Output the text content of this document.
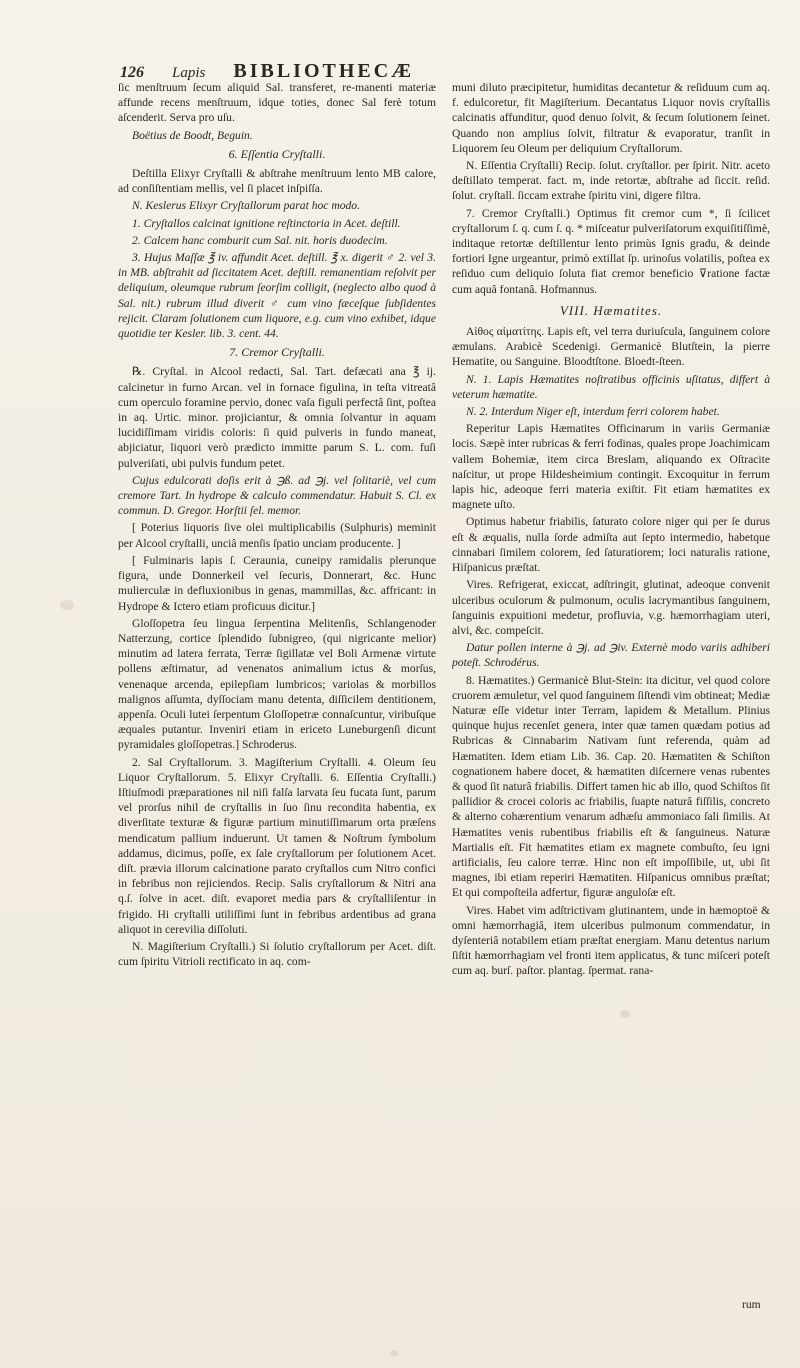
126 Lapis BIBLIOTHECÆ

ſic menſtruum ſecum aliquid Sal. transferet, re-manenti materiæ affunde recens menſtruum, idque toties, donec Sal ferè totum aſcenderit. Serva pro uſu.

Boëtius de Boodt, Beguin.

6. Eſſentia Cryſtalli.

Deſtilla Elixyr Cryſtalli & abſtrahe menſtruum lento MB calore, ad conſiſtentiam mellis, vel ſi placet inſpiſſa.

N. Keslerus Elixyr Cryſtallorum parat hoc modo.

1. Cryſtallos calcinat ignitione reſtinctoria in Acet. deſtill.

2. Calcem hanc comburit cum Sal. nit. horis duodecim.

3. Hujus Maſſæ ℥ iv. affundit Acet. deſtill. ℥ x. digerit ♂ 2. vel 3. in MB. abſtrahit ad ſiccitatem Acet. deſtill. remanentiam reſolvit per deliquium, oleumque rubrum ſeorſim colligit, (neglecto albo quod à Sal. nit.) rubrum illud diverit ♂ cum vino fæceſque ſubſidentes rejicit. Claram ſolutionem cum liquore, e.g. cum vino exhibet, idque quotidie ter Kesler. lib. 3. cent. 44.

7. Cremor Cryſtalli.

℞. Cryſtal. in Alcool redacti, Sal. Tart. defæcati ana ℥ ij. calcinetur in furno Arcan. vel in fornace figulina, in teſta vitreatâ cum operculo foramine pervio, donec vaſa figuli perfectâ ſint, poſtea in aq. Urtic. minor. projiciantur, & omnia ſolvantur in aquam lucidiſſimam viridis coloris: ſi quid pulveris in fundo maneat, abjiciatur, liquori verò prædicto immitte parum S. L. com. fuſi pulveriſati, ubi pulvis fundum petet.

Cujus edulcorati doſis erit à ℈ß. ad ℈j. vel ſolitariè, vel cum cremore Tart. In hydrope & calculo commendatur. Habuit S. Cl. ex commun. D. Gregor. Horſtii ſel. memor.

[ Poterius liquoris ſive olei multiplicabilis (Sulphuris) meminit per Alcool cryſtalli, unciâ menſis ſpatio unciam producente. ]

[ Fulminaris lapis ſ. Ceraunia, cuneipy ramidalis plerunque figura, unde Donnerkeil vel ſecuris, Donnerart, &c. Hunc mulierculæ in defluxionibus in genas, mammillas, &c. affricant: in Hydrope & Ictero etiam proficuus dicitur.]

Gloſſopetra ſeu lingua ſerpentina Melitenſis, Schlangenoder Natterzung, cortice ſplendido ſubnigreo, (qui nigricante melior) minutim ad latera ferrata, Terræ ſigillatæ vel Boli Armenæ virtute pollens æſtimatur, ad venenatos animalium ictus & morſus, venenaque arcenda, epilepſiam lumbricos; variolas & morbillos malignos aſſumta, dyſſociam manu detenta, diſſicilem dentitionem, appenſa. Oculi lutei ſerpentum Gloſſopetræ connaſcuntur, viribuſque æquales putantur. Inveniri etiam in ericeto Luneburgenſi dicunt pyramidales gloſſopetras.] Schroderus.

2. Sal Cryſtallorum. 3. Magiſterium Cryſtalli. 4. Oleum ſeu Liquor Cryſtallorum. 5. Elixyr Cryſtalli. 6. Eſſentia Cryſtalli.) Iſtiuſmodi præparationes nil niſi falſa larvata ſeu fucata ſunt, parum vel prorſus nihil de cryſtallis in ſuo ſinu recondita habentia, ex diverſitate texturæ & figuræ partium minutiſſimarum orta præſens mendicatum pallium induerunt. Ut tamen & Noſtrum ſymbolum addamus, dicimus, poſſe, ex ſale cryſtallorum per ſolutionem Acet. diſt. prævia illorum calcinatione parato cryſtallos cum Nitro confici in febribus non rejiciendos. Recip. Salis cryſtallorum & Nitri ana q.ſ. ſolve in acet. diſt. evaporet media pars & cryſtalliſentur in frigido. Hi cryſtalli utiliſſimi ſunt in febribus ardentibus ad grana aliquot in cerevilia diſſoluti.

N. Magiſterium Cryſtalli.) Si ſolutio cryſtallorum per Acet. diſt. cum ſpiritu Vitrioli rectificato in aq. com-

muni diluto præcipitetur, humiditas decantetur & reſiduum cum aq. f. edulcoretur, fit Magiſterium. Decantatus Liquor novis cryſtallis calcinatis affunditur, quod denuo ſolvit, & ſecum ſolutionem ſeinet. Quando non amplius ſolvit, filtratur & evaporatur, tranſit in Liquorem ſeu Oleum per deliquium Cryſtallorum.

N. Eſſentia Cryſtalli) Recip. ſolut. cryſtallor. per ſpirit. Nitr. aceto deſtillato temperat. fact. m, inde retortæ, abſtrahe ad ſiccit. reſid. ſolut. cryſtall. ſiccam extrahe ſpiritu vini, digere filtra.

7. Cremor Cryſtalli.) Optimus fit cremor cum *, ſi ſcilicet cryſtallorum ſ. q. cum ſ. q. * miſceatur pulveriſatorum exquiſitiſſimè, inditaque retortæ deſtillentur lento primùs Ignis gradu, & deinde fortiori Igne urgeantur, primò extillat ſp. urinoſus volatilis, poſtea ex reſiduo cum deliquio ſoluta fiat cremor beneficio ⊽ratione factæ cum aquâ fontanâ. Hofmannus.

VIII. Hæmatites.

Αἱθος αἱματίτης. Lapis eſt, vel terra duriuſcula, ſanguinem colore æmulans. Arabicè Scedenigi. Germanicè Blutſtein, la pierre Hematite, ou Sanguine. Bloodtſtone. Bloedt-ſteen.

N. 1. Lapis Hæmatites noſtratibus officinis uſitatus, differt à veterum hæmatite.

N. 2. Interdum Niger eſt, interdum ferri colorem habet.

Reperitur Lapis Hæmatites Officinarum in variis Germaniæ locis. Sæpè inter rubricas & ferri fodinas, quales prope Joachimicam vallem Bohemiæ, item circa Breslam, aliquando ex Oſtracite naſcitur, ut prope Hildesheimium contingit. Excoquitur in ferrum lapis hic, adeoque ferri materia exiſtit. Fit etiam hæmatites ex magnete uſto.

Optimus habetur friabilis, ſaturato colore niger qui per ſe durus eſt & æqualis, nulla ſorde admiſta aut ſepto intermedio, habetque cinnabari ſimilem colorem, ſed ſaturatiorem; loci naturalis ratione, Hiſpanicus præſtat.

Vires. Refrigerat, exiccat, adſtringit, glutinat, adeoque convenit ulceribus oculorum & pulmonum, oculis lacrymantibus ſanguinem, ſanguinis expuitioni medetur, profluvia, v.g. hæmorrhagiam uteri, alvi, &c. compeſcit.

Datur pollen interne à ℈j. ad ℈iv. Externè modo variis adhiberi poteſt. Schrodérus.

8. Hæmatites.) Germanicè Blut-Stein: ita dicitur, vel quod colore cruorem æmuletur, vel quod ſanguinem ſiſtendi vim obtineat; Mediæ Naturæ eſſe videtur inter Terram, lapidem & Metallum. Plinius quinque hujus recenſet genera, inter quæ tamen quædam potius ad Rubricas & Cinnabarim Nativam ſunt referenda, quàm ad Hæmatiten. Idem etiam Lib. 36. Cap. 20. Hæmatiten & Schiſton cognationem habere docet, & hæmatiten diſcernere venas rubentes & quod ſit naturâ friabilis. Differt tamen hic ab illo, quod Schiſtos ſit pallidior & crocei coloris ac friabilis, ſuapte naturâ fiſſilis, concreto & alterno cohærentium venarum adhæſu ammoniaco ſali ſimilis. At Hæmatites venis rubentibus friabilis eſt & ſanguineus. Naturæ Martialis eſt. Fit hæmatites etiam ex magnete combuſto, ſeu igni artificialis, ſeu calore terræ. Hinc non eſt impoſſibile, ut, ubi ſit magnes, ibi etiam reperiri Hæmatiten. Hiſpanicus omnibus præſtat; Et qui compoſteila adfertur, figuræ anguloſæ eſt.

Vires. Habet vim adſtrictivam glutinantem, unde in hæmoptoë & omni hæmorrhagiâ, item ulceribus pulmonum commendatur, in dyſenteriâ notabilem etiam præſtat energiam. Manu detentus narium ſiſtit hæmorrhagiam vel fronti item applicatus, & tunc miſceri poteſt cum aq. burſ. paſtor. plantag. ſpermat. rana-

rum
